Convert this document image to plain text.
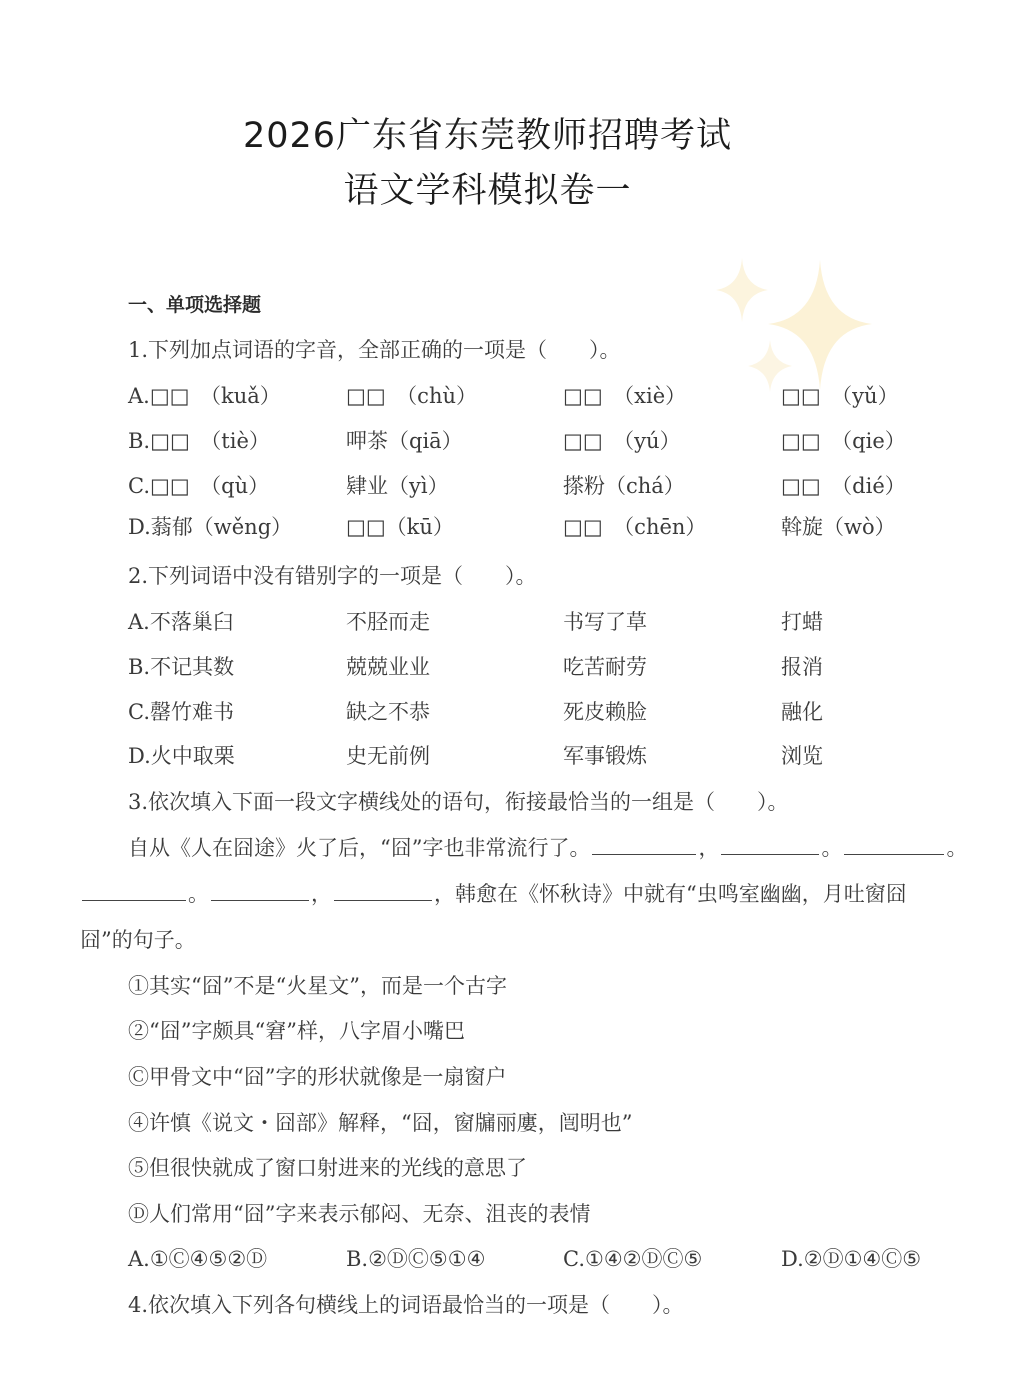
2026广东省东莞教师招聘考试
语文学科模拟卷一
一、单项选择题
1.下列加点词语的字音，全部正确的一项是（　　）。
A.□□　（kuǎ）	□□　（chù）	□□　（xiè）	□□　（yǔ）
B.□□　（tiè）	呷茶（qiā）	□□　（yú）	□□　（qie）
C.□□　（qù）	肄业（yì）	搽粉（chá）	□□　（dié）
D.蓊郁（wěng）	□□（kū）	□□　（chēn）	斡旋（wò）
2.下列词语中没有错别字的一项是（　　）。
A.不落巢臼	不胫而走	书写了草	打蜡
B.不记其数	兢兢业业	吃苦耐劳	报消
C.罄竹难书	缺之不恭	死皮赖脸	融化
D.火中取栗	史无前例	军事锻炼	浏览
3.依次填入下面一段文字横线处的语句，衔接最恰当的一组是（　　）。
自从《人在囧途》火了后，“囧”字也非常流行了。	，	。	。
。	，	，韩愈在《怀秋诗》中就有“虫鸣室幽幽，月吐窗囧
囧”的句子。
①其实“囧”不是“火星文”，而是一个古字
②“囧”字颇具“窘”样，八字眉小嘴巴
Ⓒ甲骨文中“囧”字的形状就像是一扇窗户
④许慎《说文・囧部》解释，“囧，窗牖丽廔，闿明也”
⑤但很快就成了窗口射进来的光线的意思了
Ⓓ人们常用“囧”字来表示郁闷、无奈、沮丧的表情
A.①Ⓒ④⑤②Ⓓ	B.②ⒹⒸ⑤①④	C.①④②ⒹⒸ⑤	D.②Ⓓ①④Ⓒ⑤
4.依次填入下列各句横线上的词语最恰当的一项是（　　）。
